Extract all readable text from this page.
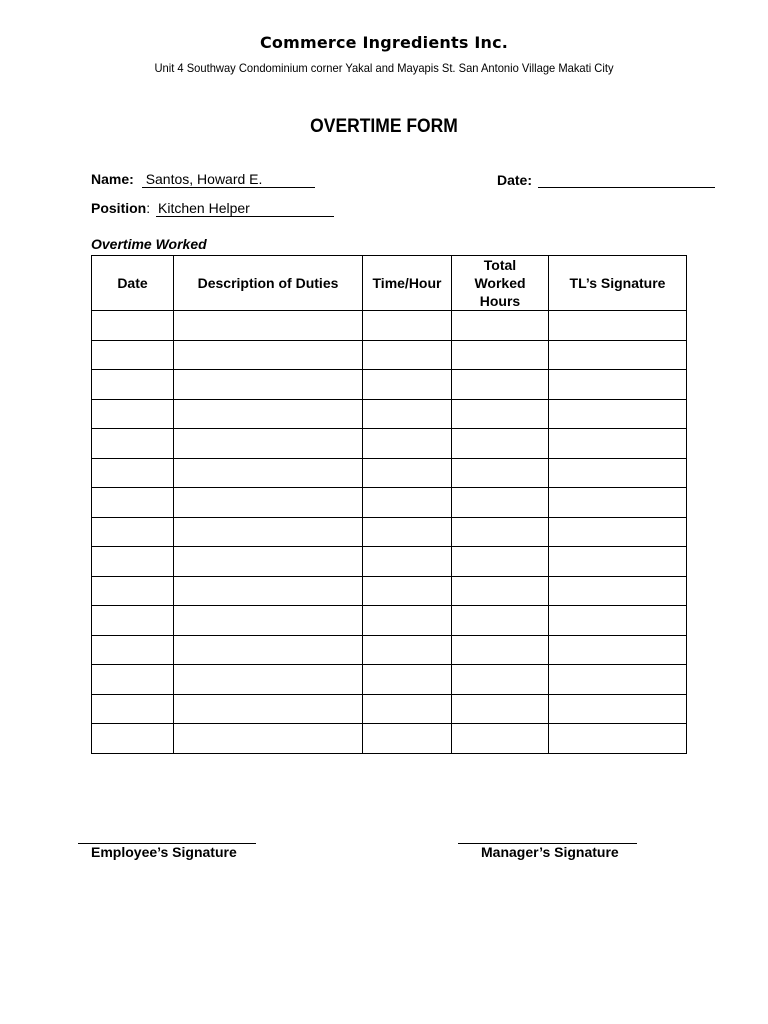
Commerce Ingredients Inc.
Unit 4 Southway Condominium corner Yakal and Mayapis St. San Antonio Village Makati City
OVERTIME FORM
Name: Santos, Howard E.	Date:
Position: Kitchen Helper
Overtime Worked
Date	Description of Duties	Time/Hour	Total Worked Hours	TL’s Signature

Employee’s Signature	Manager’s Signature
